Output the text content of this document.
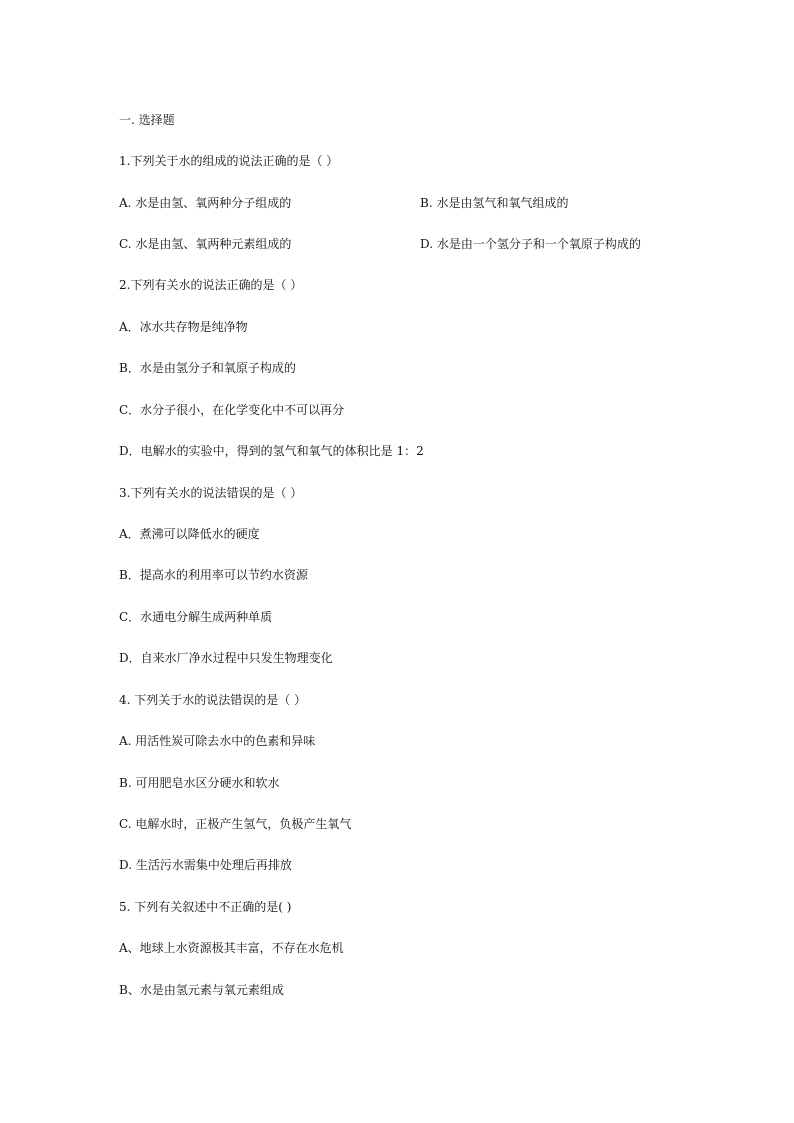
一. 选择题
1.下列关于水的组成的说法正确的是（ ）
A. 水是由氢、氧两种分子组成的	B. 水是由氢气和氧气组成的
C. 水是由氢、氧两种元素组成的	D. 水是由一个氢分子和一个氧原子构成的
2.下列有关水的说法正确的是（ ）
A．冰水共存物是纯净物
B．水是由氢分子和氧原子构成的
C．水分子很小，在化学变化中不可以再分
D．电解水的实验中，得到的氢气和氧气的体积比是 1：2
3.下列有关水的说法错误的是（ ）
A．煮沸可以降低水的硬度
B．提高水的利用率可以节约水资源
C．水通电分解生成两种单质
D．自来水厂净水过程中只发生物理变化
4. 下列关于水的说法错误的是（ ）
A. 用活性炭可除去水中的色素和异味
B. 可用肥皂水区分硬水和软水
C. 电解水时，正极产生氢气，负极产生氧气
D. 生活污水需集中处理后再排放
5. 下列有关叙述中不正确的是( )
A、地球上水资源极其丰富，不存在水危机
B、水是由氢元素与氧元素组成
